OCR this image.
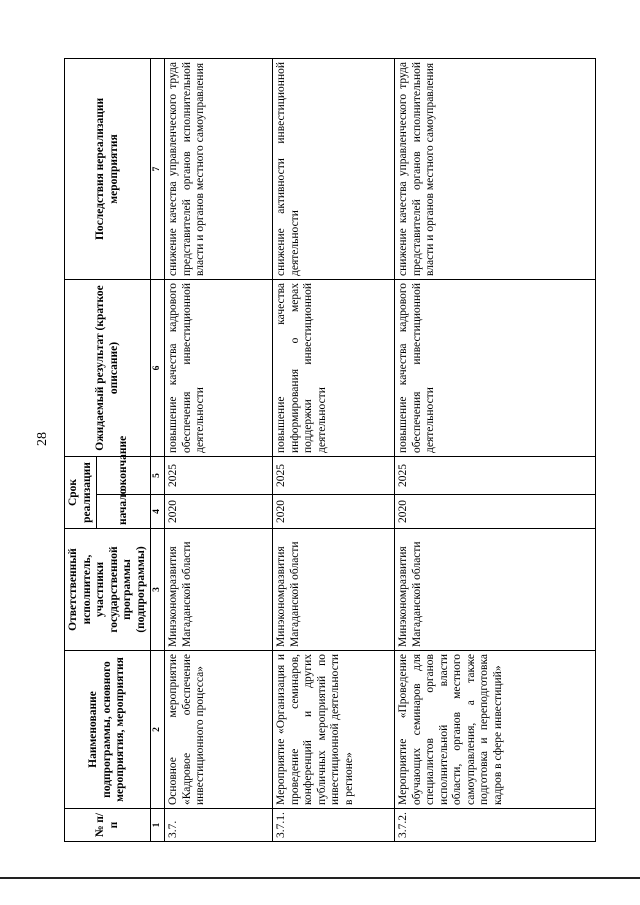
28
№ п/п	Наименование подпрограммы, основного мероприятия, мероприятия	Ответственный исполнитель, участники государственной программы (подпрограммы)	Срок реализации		Ожидаемый результат (краткое описание)	Последствия нереализации мероприятия
			начало	окончание		
1	2	3	4	5	6	7
3.7.	Основное мероприятие «Кадровое обеспечение инвестиционного процесса»	Минэкономразвития Магаданской области	2020	2025	повышение качества кадрового обеспечения инвестиционной деятельности	снижение качества управленческого труда представителей органов исполнительной власти и органов местного самоуправления
3.7.1.	Мероприятие «Организация и проведение семинаров, конференций и других публичных мероприятий по инвестиционной деятельности в регионе»	Минэкономразвития Магаданской области	2020	2025	повышение качества информирования о мерах поддержки инвестиционной деятельности	снижение активности инвестиционной деятельности
3.7.2.	Мероприятие «Проведение обучающих семинаров для специалистов органов исполнительной власти области, органов местного самоуправления, а также подготовка и переподготовка кадров в сфере инвестиций»	Минэкономразвития Магаданской области	2020	2025	повышение качества кадрового обеспечения инвестиционной деятельности	снижение качества управленческого труда представителей органов исполнительной власти и органов местного самоуправления
